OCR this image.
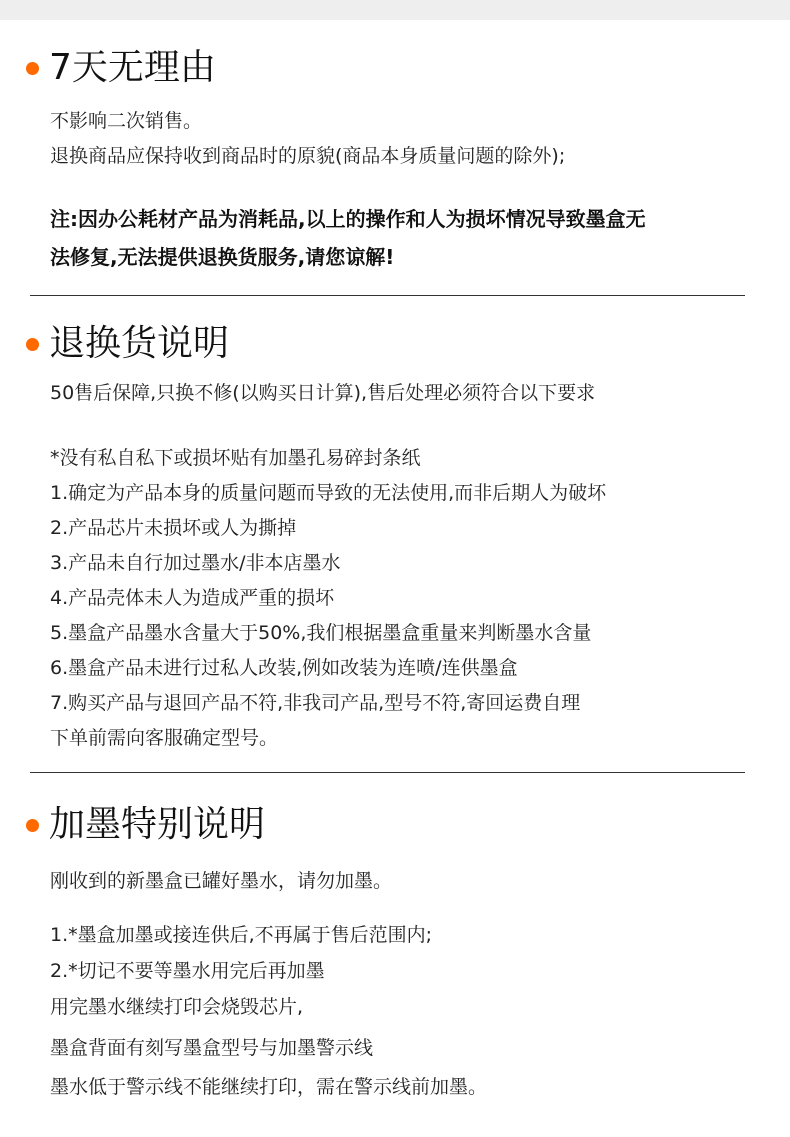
7天无理由
不影响二次销售。
退换商品应保持收到商品时的原貌(商品本身质量问题的除外);
注:因办公耗材产品为消耗品,以上的操作和人为损坏情况导致墨盒无
法修复,无法提供退换货服务,请您谅解!
退换货说明
50售后保障,只换不修(以购买日计算),售后处理必须符合以下要求
*没有私自私下或损坏贴有加墨孔易碎封条纸
1.确定为产品本身的质量问题而导致的无法使用,而非后期人为破坏
2.产品芯片未损坏或人为撕掉
3.产品未自行加过墨水/非本店墨水
4.产品壳体未人为造成严重的损坏
5.墨盒产品墨水含量大于50%,我们根据墨盒重量来判断墨水含量
6.墨盒产品未进行过私人改装,例如改装为连喷/连供墨盒
7.购买产品与退回产品不符,非我司产品,型号不符,寄回运费自理
下单前需向客服确定型号。
加墨特别说明
刚收到的新墨盒已罐好墨水，请勿加墨。
1.*墨盒加墨或接连供后,不再属于售后范围内;
2.*切记不要等墨水用完后再加墨
用完墨水继续打印会烧毁芯片,
墨盒背面有刻写墨盒型号与加墨警示线
墨水低于警示线不能继续打印，需在警示线前加墨。
